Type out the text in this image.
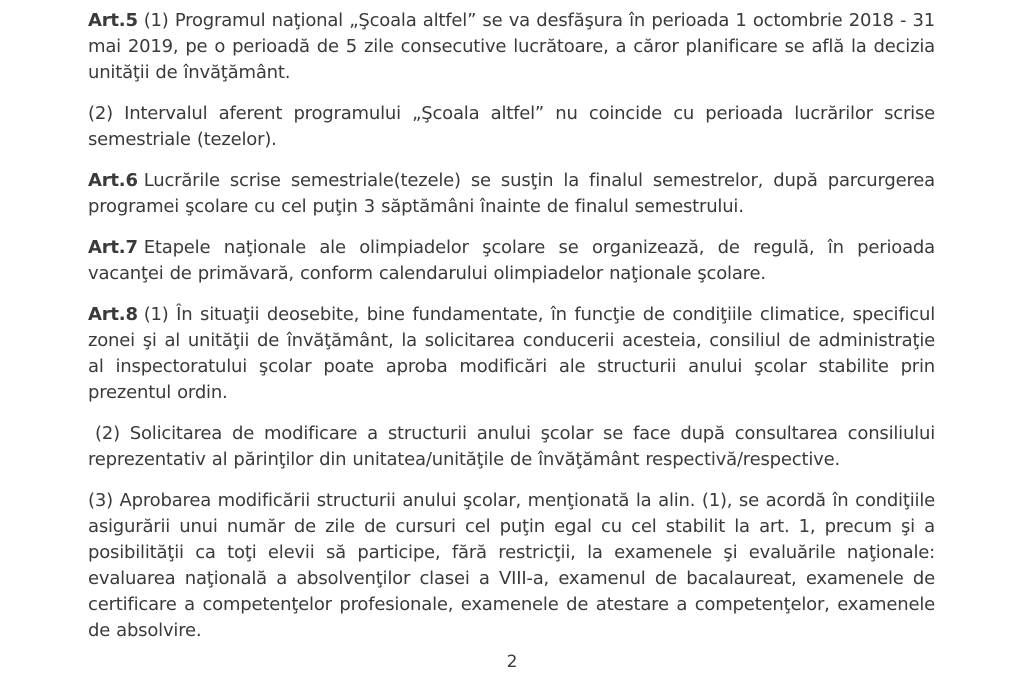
Art.5 (1) Programul naţional „Şcoala altfel” se va desfăşura în perioada 1 octombrie 2018 - 31 mai 2019, pe o perioadă de 5 zile consecutive lucrătoare, a căror planificare se află la decizia unităţii de învăţământ.

(2) Intervalul aferent programului „Şcoala altfel” nu coincide cu perioada lucrărilor scrise semestriale (tezelor).

Art.6 Lucrările scrise semestriale(tezele) se susţin la finalul semestrelor, după parcurgerea programei şcolare cu cel puţin 3 săptămâni înainte de finalul semestrului.

Art.7 Etapele naţionale ale olimpiadelor şcolare se organizează, de regulă, în perioada vacanţei de primăvară, conform calendarului olimpiadelor naţionale şcolare.

Art.8 (1) În situaţii deosebite, bine fundamentate, în funcţie de condiţiile climatice, specificul zonei şi al unităţii de învăţământ, la solicitarea conducerii acesteia, consiliul de administraţie al inspectoratului şcolar poate aproba modificări ale structurii anului şcolar stabilite prin prezentul ordin.

(2) Solicitarea de modificare a structurii anului şcolar se face după consultarea consiliului reprezentativ al părinţilor din unitatea/unităţile de învăţământ respectivă/respective.

(3) Aprobarea modificării structurii anului şcolar, menţionată la alin. (1), se acordă în condiţiile asigurării unui număr de zile de cursuri cel puţin egal cu cel stabilit la art. 1, precum şi a posibilităţii ca toţi elevii să participe, fără restricţii, la examenele şi evaluările naţionale: evaluarea naţională a absolvenţilor clasei a VIII-a, examenul de bacalaureat, examenele de certificare a competenţelor profesionale, examenele de atestare a competenţelor, examenele de absolvire.

2
